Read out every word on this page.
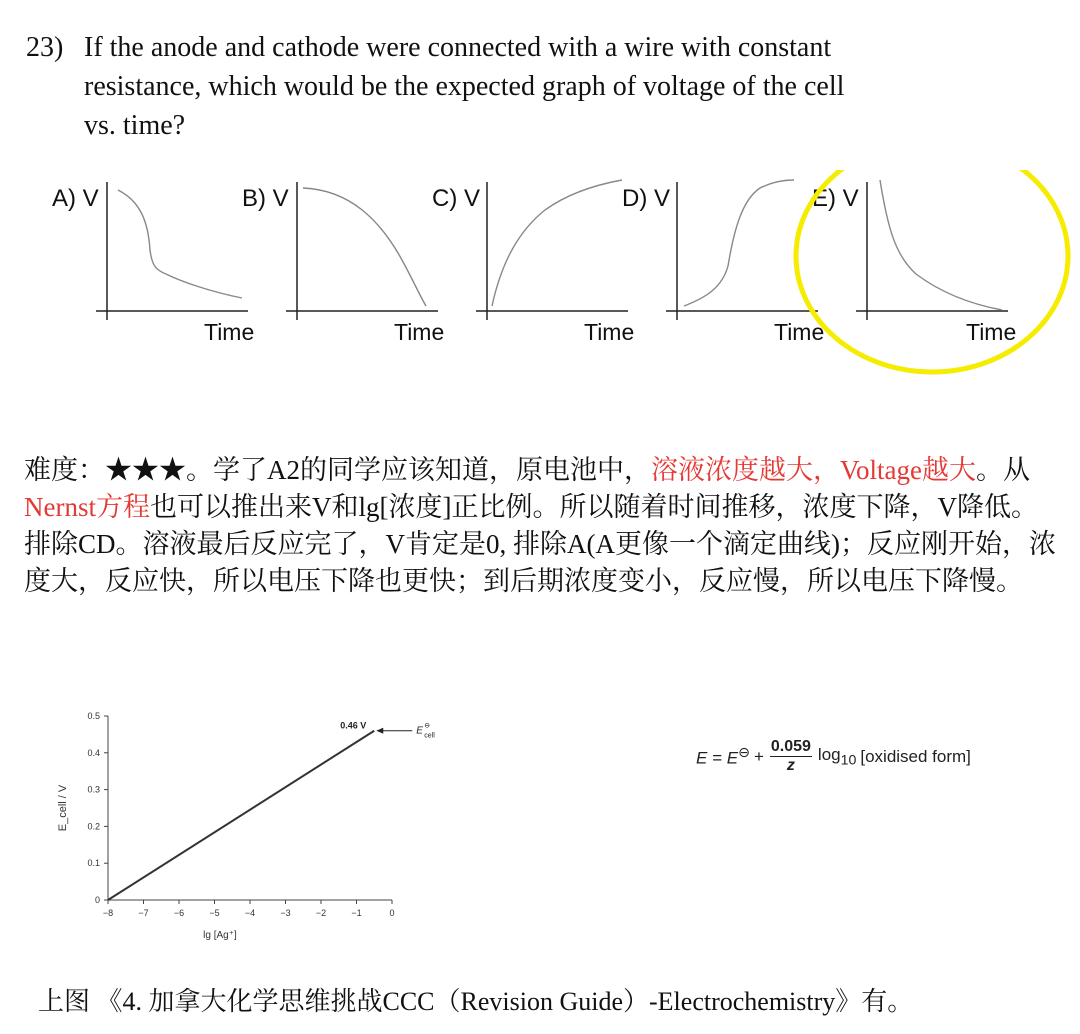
23) If the anode and cathode were connected with a wire with constant
resistance, which would be the expected graph of voltage of the cell
vs. time?
A) V
Time
B) V
Time
C) V
Time
D) V
Time
E) V
Time
难度：★★★。学了A2的同学应该知道，原电池中，溶液浓度越大，Voltage越大。从Nernst方程也可以推出来V和lg[浓度]正比例。所以随着时间推移，浓度下降，V降低。排除CD。溶液最后反应完了，V肯定是0, 排除A(A更像一个滴定曲线)；反应刚开始，浓度大，反应快，所以电压下降也更快；到后期浓度变小，反应慢，所以电压下降慢。
0
0.1
0.2
0.3
0.4
0.5
−8	−7	−6	−5	−4	−3	−2	−1	0
lg [Ag⁺]
E_cell / V
0.46 V	E ⊖
cell
$E = E^⊖ + \frac{0.059}{z} \log_{10}$ [oxidised form]
上图 《4. 加拿大化学思维挑战CCC（Revision Guide）-Electrochemistry》有。
